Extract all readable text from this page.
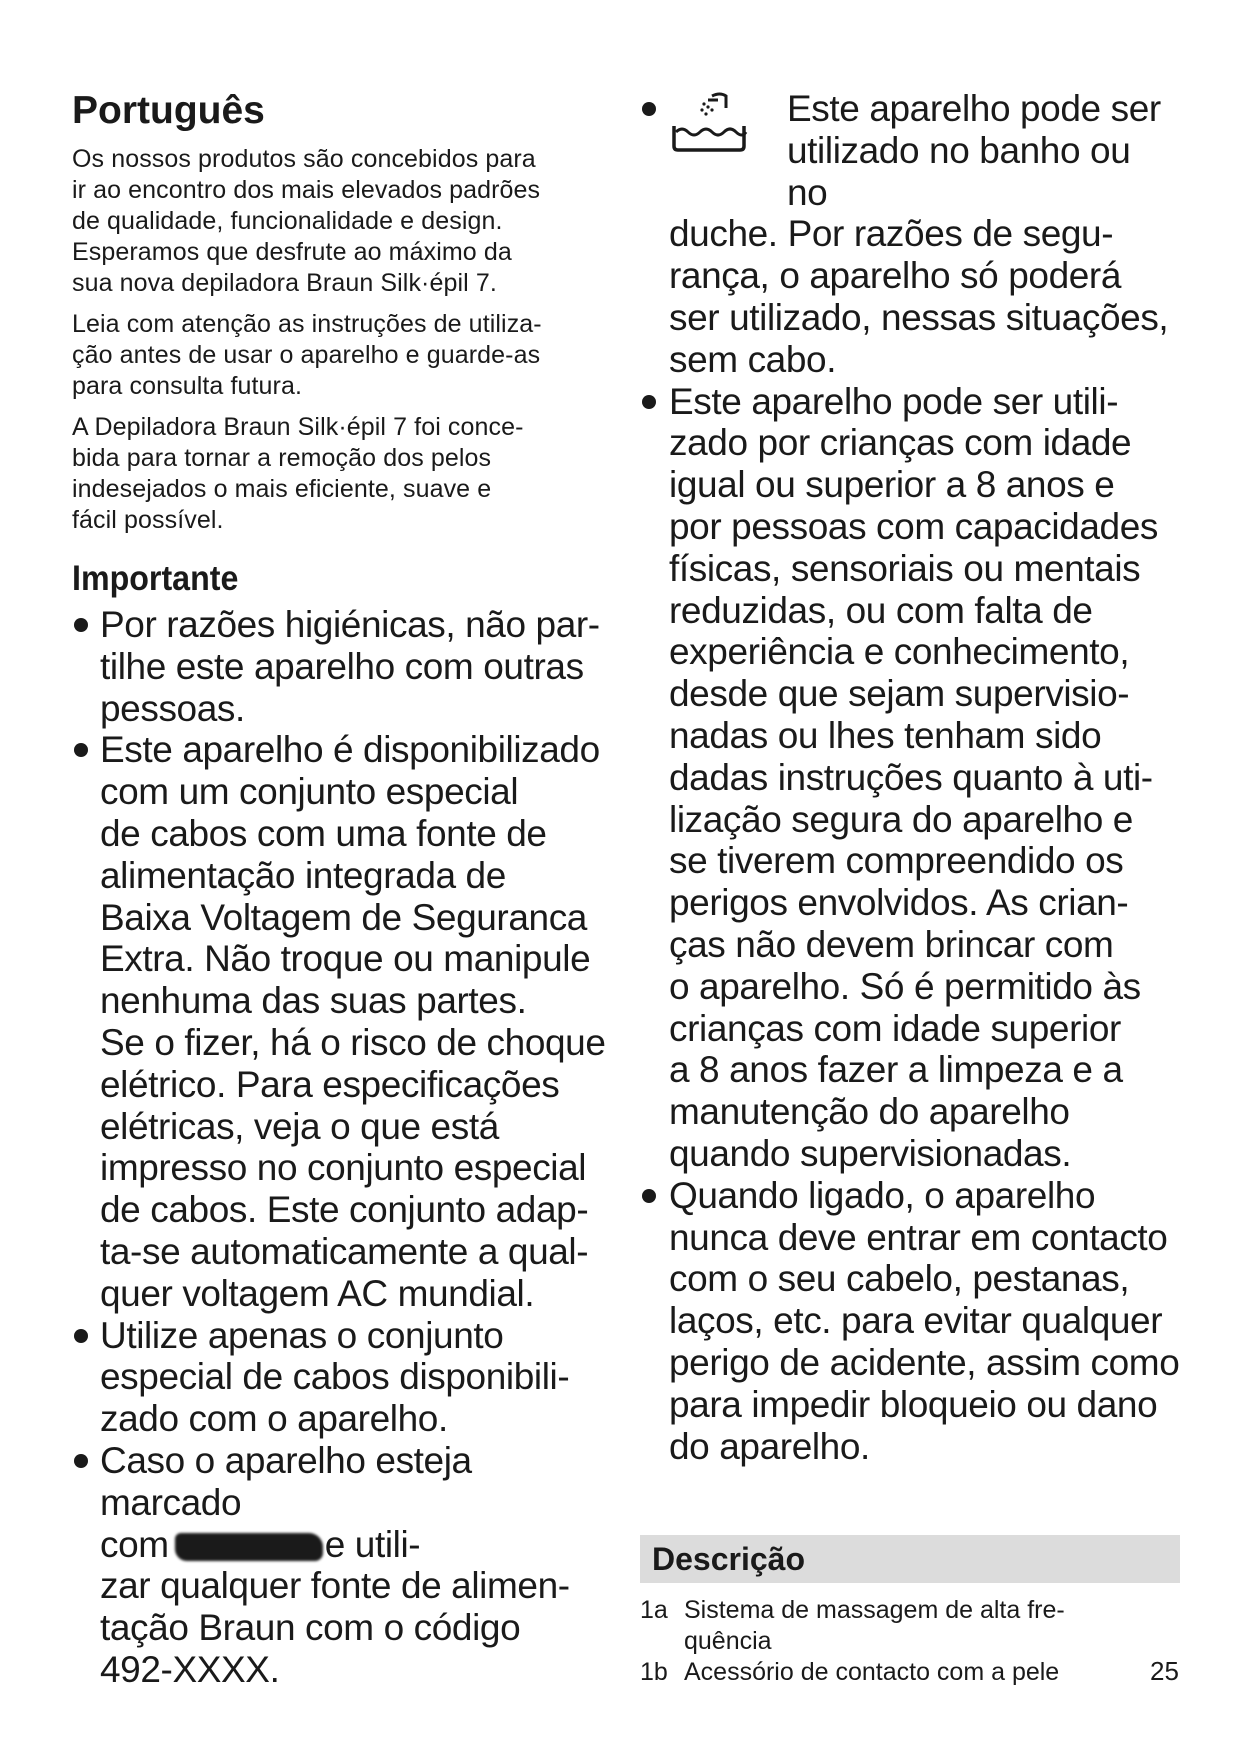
Português

Os nossos produtos são concebidos para
ir ao encontro dos mais elevados padrões
de qualidade, funcionalidade e design.
Esperamos que desfrute ao máximo da
sua nova depiladora Braun Silk·épil 7.

Leia com atenção as instruções de utiliza-
ção antes de usar o aparelho e guarde-as
para consulta futura.

A Depiladora Braun Silk·épil 7 foi conce-
bida para tornar a remoção dos pelos
indesejados o mais eficiente, suave e
fácil possível.

Importante
Por razões higiénicas, não par-
tilhe este aparelho com outras
pessoas.
Este aparelho é disponibilizado
com um conjunto especial
de cabos com uma fonte de
alimentação integrada de
Baixa Voltagem de Seguranca
Extra. Não troque ou manipule
nenhuma das suas partes.
Se o fizer, há o risco de choque
elétrico. Para especificações
elétricas, veja o que está
impresso no conjunto especial
de cabos. Este conjunto adap-
ta-se automaticamente a qual-
quer voltagem AC mundial.
Utilize apenas o conjunto
especial de cabos disponibili-
zado com o aparelho.
Caso o aparelho esteja marcado
com	e utili-
zar qualquer fonte de alimen-
tação Braun com o código
492-XXXX.
Este aparelho pode ser
utilizado no banho ou no
duche. Por razões de segu-
rança, o aparelho só poderá
ser utilizado, nessas situações,
sem cabo.
Este aparelho pode ser utili-
zado por crianças com idade
igual ou superior a 8 anos e
por pessoas com capacidades
físicas, sensoriais ou mentais
reduzidas, ou com falta de
experiência e conhecimento,
desde que sejam supervisio-
nadas ou lhes tenham sido
dadas instruções quanto à uti-
lização segura do aparelho e
se tiverem compreendido os
perigos envolvidos. As crian-
ças não devem brincar com
o aparelho. Só é permitido às
crianças com idade superior
a 8 anos fazer a limpeza e a
manutenção do aparelho
quando supervisionadas.
Quando ligado, o aparelho
nunca deve entrar em contacto
com o seu cabelo, pestanas,
laços, etc. para evitar qualquer
perigo de acidente, assim como
para impedir bloqueio ou dano
do aparelho.
Descrição
1a Sistema de massagem de alta fre-
quência
1b Acessório de contacto com a pele	25
